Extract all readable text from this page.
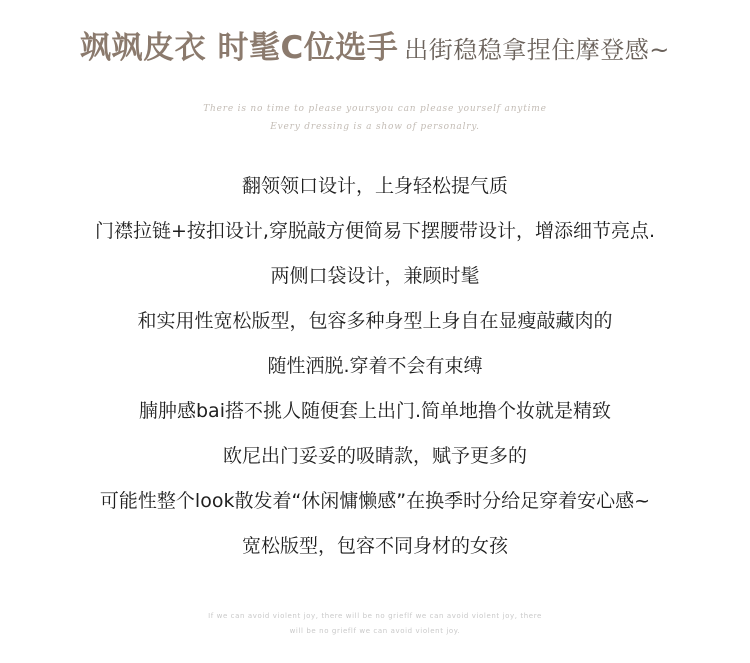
飒飒皮衣 时髦C位选手 出街稳稳拿捏住摩登感~
There is no time to please yoursyou can please yourself anytime
Every dressing is a show of personalry.
翻领领口设计，上身轻松提气质
门襟拉链+按扣设计,穿脱敲方便简易下摆腰带设计，增添细节亮点.
两侧口袋设计，兼顾时髦
和实用性宽松版型，包容多种身型上身自在显瘦敲藏肉的
随性洒脱.穿着不会有束缚
腩肿感bai搭不挑人随便套上出门.简单地撸个妆就是精致
欧尼出门妥妥的吸睛款，赋予更多的
可能性整个look散发着“休闲慵懒感”在换季时分给足穿着安心感~
宽松版型，包容不同身材的女孩
If we can avoid violent joy, there will be no grieflf we can avoid violent joy, there
will be no grieflf we can avoid violent joy.
